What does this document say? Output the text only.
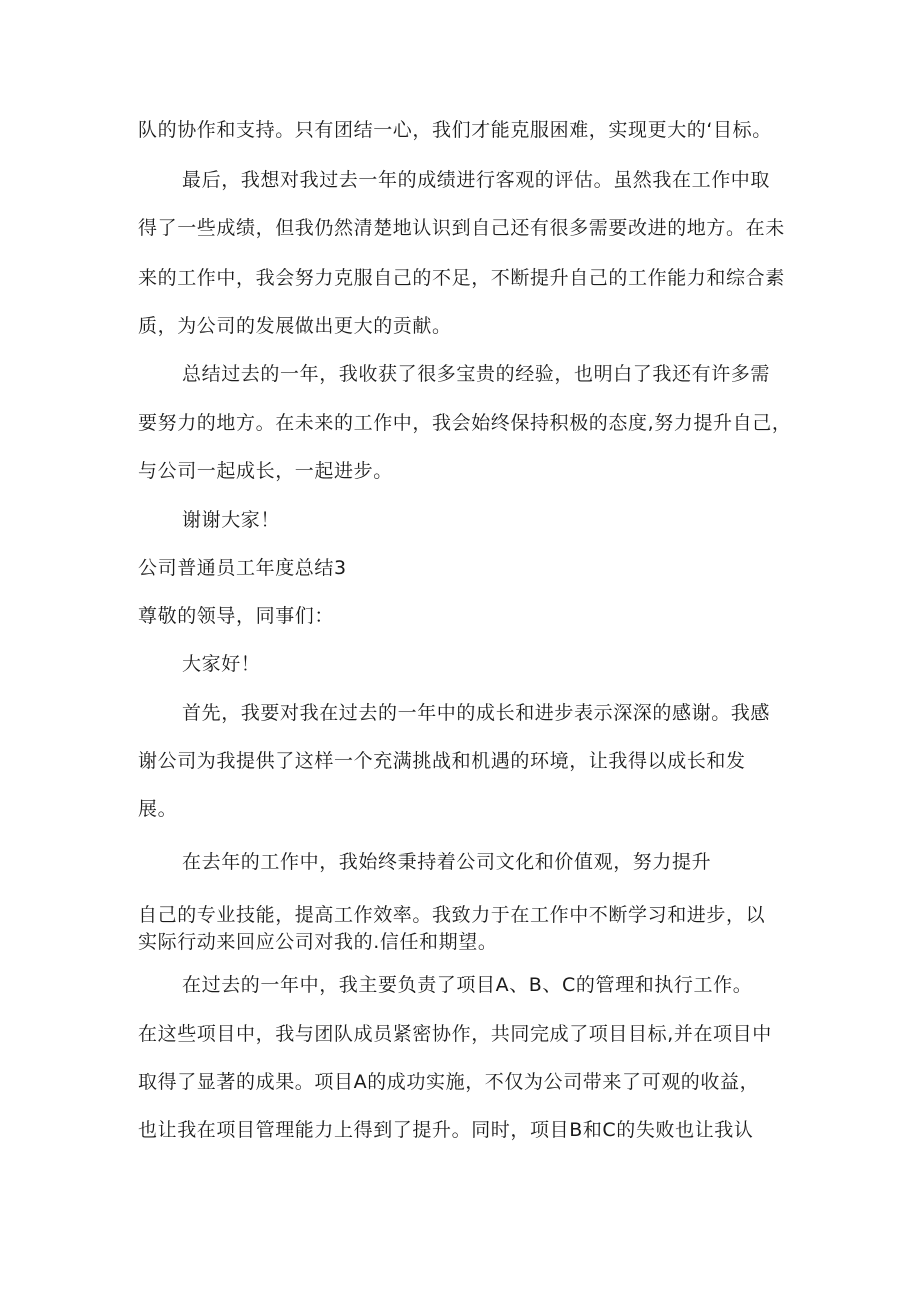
队的协作和支持。只有团结一心，我们才能克服困难，实现更大的‘目标。

最后，我想对我过去一年的成绩进行客观的评估。虽然我在工作中取

得了一些成绩，但我仍然清楚地认识到自己还有很多需要改进的地方。在未

来的工作中，我会努力克服自己的不足，不断提升自己的工作能力和综合素

质，为公司的发展做出更大的贡献。

总结过去的一年，我收获了很多宝贵的经验，也明白了我还有许多需

要努力的地方。在未来的工作中，我会始终保持积极的态度,努力提升自己，

与公司一起成长，一起进步。

谢谢大家！

公司普通员工年度总结3

尊敬的领导，同事们：

大家好！

首先，我要对我在过去的一年中的成长和进步表示深深的感谢。我感

谢公司为我提供了这样一个充满挑战和机遇的环境，让我得以成长和发

展。

在去年的工作中，我始终秉持着公司文化和价值观，努力提升

自己的专业技能，提高工作效率。我致力于在工作中不断学习和进步，以

实际行动来回应公司对我的.信任和期望。

在过去的一年中，我主要负责了项目A、B、C的管理和执行工作。

在这些项目中，我与团队成员紧密协作，共同完成了项目目标,并在项目中

取得了显著的成果。项目A的成功实施，不仅为公司带来了可观的收益，

也让我在项目管理能力上得到了提升。同时，项目B和C的失败也让我认
